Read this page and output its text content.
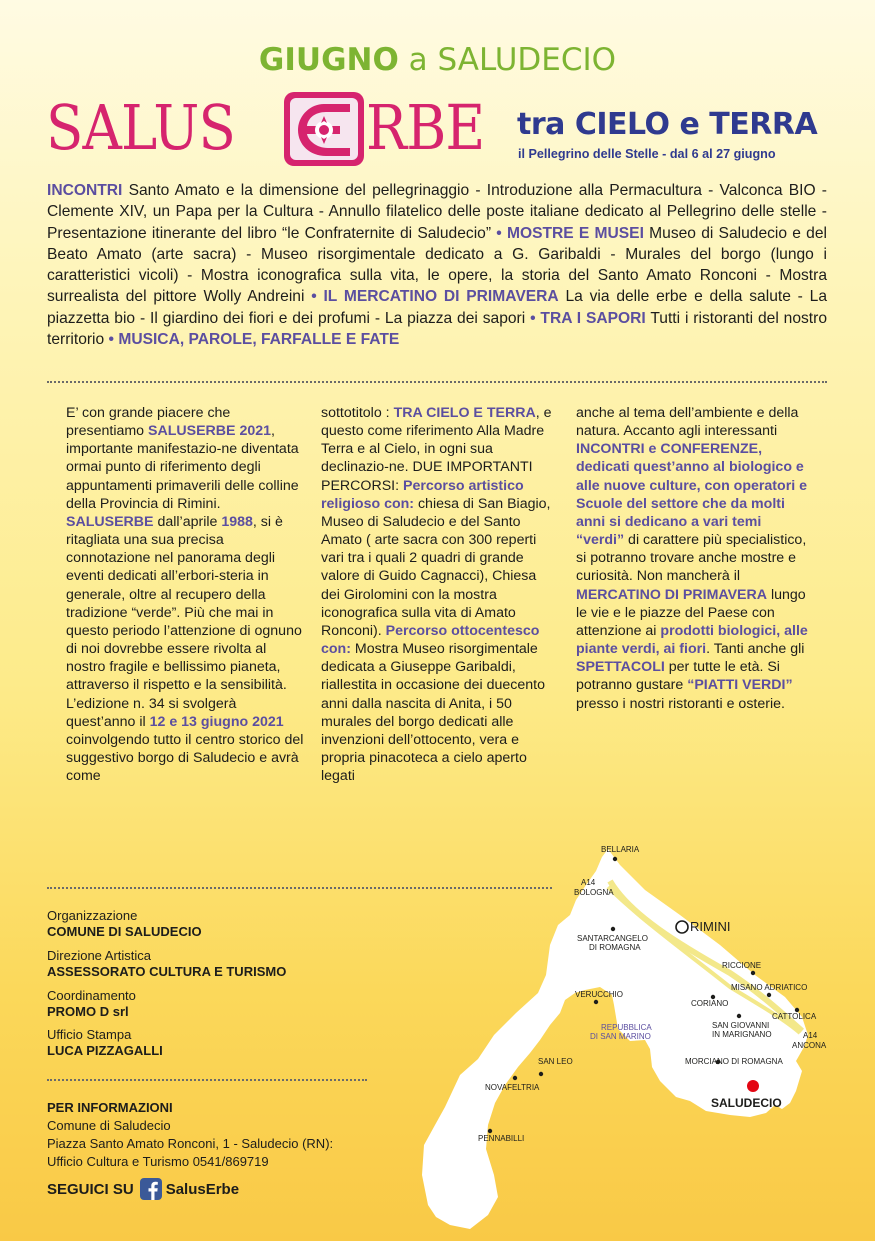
GIUGNO a SALUDECIO
SALUS RBE tra CIELO e TERRA
il Pellegrino delle Stelle - dal 6 al 27 giugno
INCONTRI Santo Amato e la dimensione del pellegrinaggio - Introduzione alla Permacultura - Valconca BIO - Clemente XIV, un Papa per la Cultura - Annullo filatelico delle poste italiane dedicato al Pellegrino delle stelle - Presentazione itinerante del libro “le Confraternite di Saludecio” • MOSTRE E MUSEI Museo di Saludecio e del Beato Amato (arte sacra) - Museo risorgimentale dedicato a G. Garibaldi - Murales del borgo (lungo i caratteristici vicoli) - Mostra iconografica sulla vita, le opere, la storia del Santo Amato Ronconi - Mostra surrealista del pittore Wolly Andreini • IL MERCATINO DI PRIMAVERA La via delle erbe e della salute - La piazzetta bio - Il giardino dei fiori e dei profumi - La piazza dei sapori • TRA I SAPORI Tutti i ristoranti del nostro territorio • MUSICA, PAROLE, FARFALLE E FATE
E’ con grande piacere che presentiamo SALUSERBE 2021, importante manifestazio-ne diventata ormai punto di riferimento degli appuntamenti primaverili delle colline della Provincia di Rimini. SALUSERBE dall’aprile 1988, si è ritagliata una sua precisa connotazione nel panorama degli eventi dedicati all’erbori-steria in generale, oltre al recupero della tradizione “verde”. Più che mai in questo periodo l’attenzione di ognuno di noi dovrebbe essere rivolta al nostro fragile e bellissimo pianeta, attraverso il rispetto e la sensibilità. L’edizione n. 34 si svolgerà quest’anno il 12 e 13 giugno 2021 coinvolgendo tutto il centro storico del suggestivo borgo di Saludecio e avrà come
sottotitolo : TRA CIELO E TERRA, e questo come riferimento Alla Madre Terra e al Cielo, in ogni sua declinazio-ne. DUE IMPORTANTI PERCORSI: Percorso artistico religioso con: chiesa di San Biagio, Museo di Saludecio e del Santo Amato ( arte sacra con 300 reperti vari tra i quali 2 quadri di grande valore di Guido Cagnacci), Chiesa dei Girolomini con la mostra iconografica sulla vita di Amato Ronconi). Percorso ottocentesco con: Mostra Museo risorgimentale dedicata a Giuseppe Garibaldi, riallestita in occasione dei duecento anni dalla nascita di Anita, i 50 murales del borgo dedicati alle invenzioni dell’ottocento, vera e propria pinacoteca a cielo aperto legati
anche al tema dell’ambiente e della natura. Accanto agli interessanti INCONTRI e CONFERENZE, dedicati quest’anno al biologico e alle nuove culture, con operatori e Scuole del settore che da molti anni si dedicano a vari temi “verdi” di carattere più specialistico, si potranno trovare anche mostre e curiosità. Non mancherà il MERCATINO DI PRIMAVERA lungo le vie e le piazze del Paese con attenzione ai prodotti biologici, alle piante verdi, ai fiori. Tanti anche gli SPETTACOLI per tutte le età. Si potranno gustare “PIATTI VERDI” presso i nostri ristoranti e osterie.
Organizzazione
COMUNE DI SALUDECIO
Direzione Artistica
ASSESSORATO CULTURA E TURISMO
Coordinamento
PROMO D srl
Ufficio Stampa
LUCA PIZZAGALLI
PER INFORMAZIONI
Comune di Saludecio
Piazza Santo Amato Ronconi, 1 - Saludecio (RN):
Ufficio Cultura e Turismo 0541/869719
SEGUICI SU SalusErbe
BELLARIA
A14
BOLOGNA
RIMINI
SANTARCANGELO
DI ROMAGNA
RICCIONE
MISANO ADRIATICO
CATTOLICA
VERUCCHIO
CORIANO
REPUBBLICA
DI SAN MARINO
SAN GIOVANNI
IN MARIGNANO	A14
ANCONA
SAN LEO	MORCIANO DI ROMAGNA
NOVAFELTRIA
SALUDECIO
PENNABILLI
